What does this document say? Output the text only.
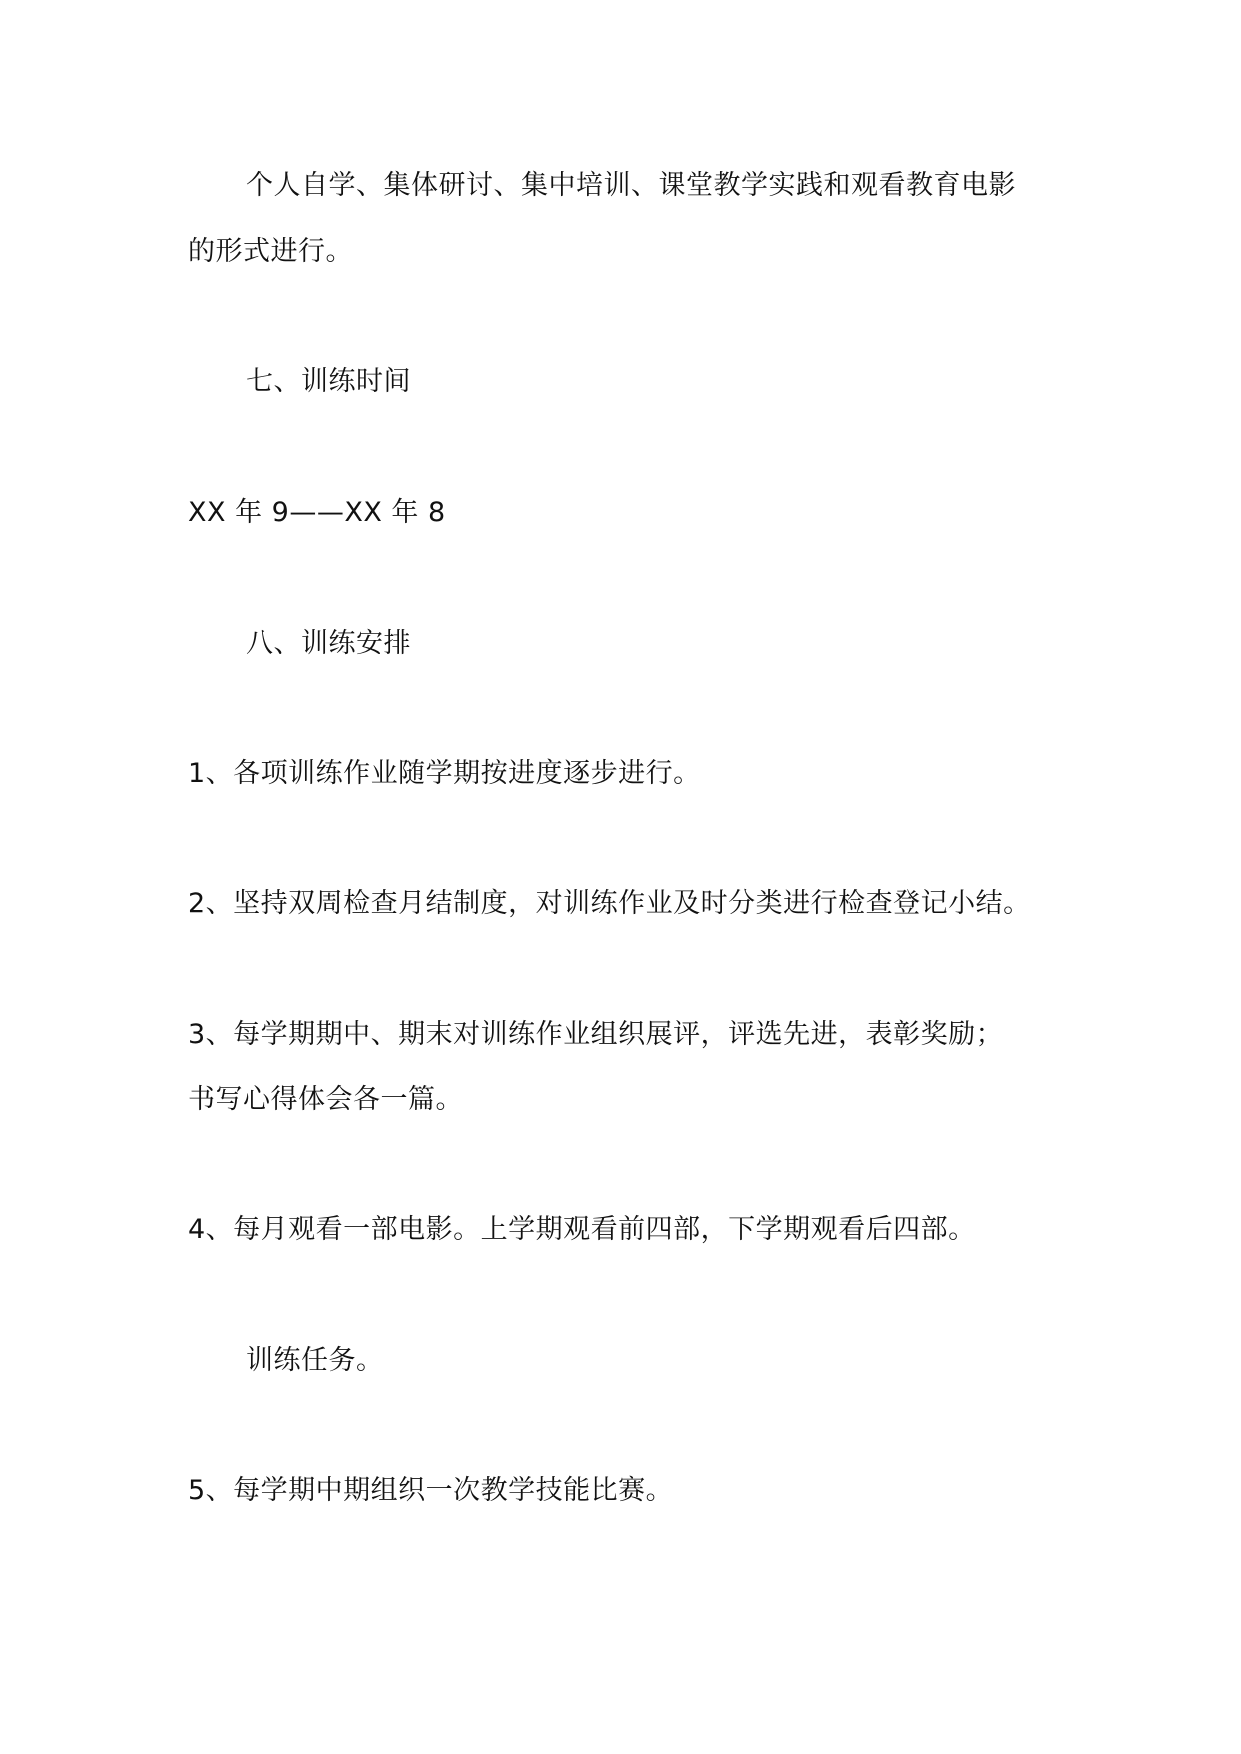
个人自学、集体研讨、集中培训、课堂教学实践和观看教育电影
的形式进行。
七、训练时间
XX 年 9——XX 年 8
八、训练安排
1、各项训练作业随学期按进度逐步进行。
2、坚持双周检查月结制度，对训练作业及时分类进行检查登记小结。
3、每学期期中、期末对训练作业组织展评，评选先进，表彰奖励；
书写心得体会各一篇。
4、每月观看一部电影。上学期观看前四部，下学期观看后四部。
训练任务。
5、每学期中期组织一次教学技能比赛。
